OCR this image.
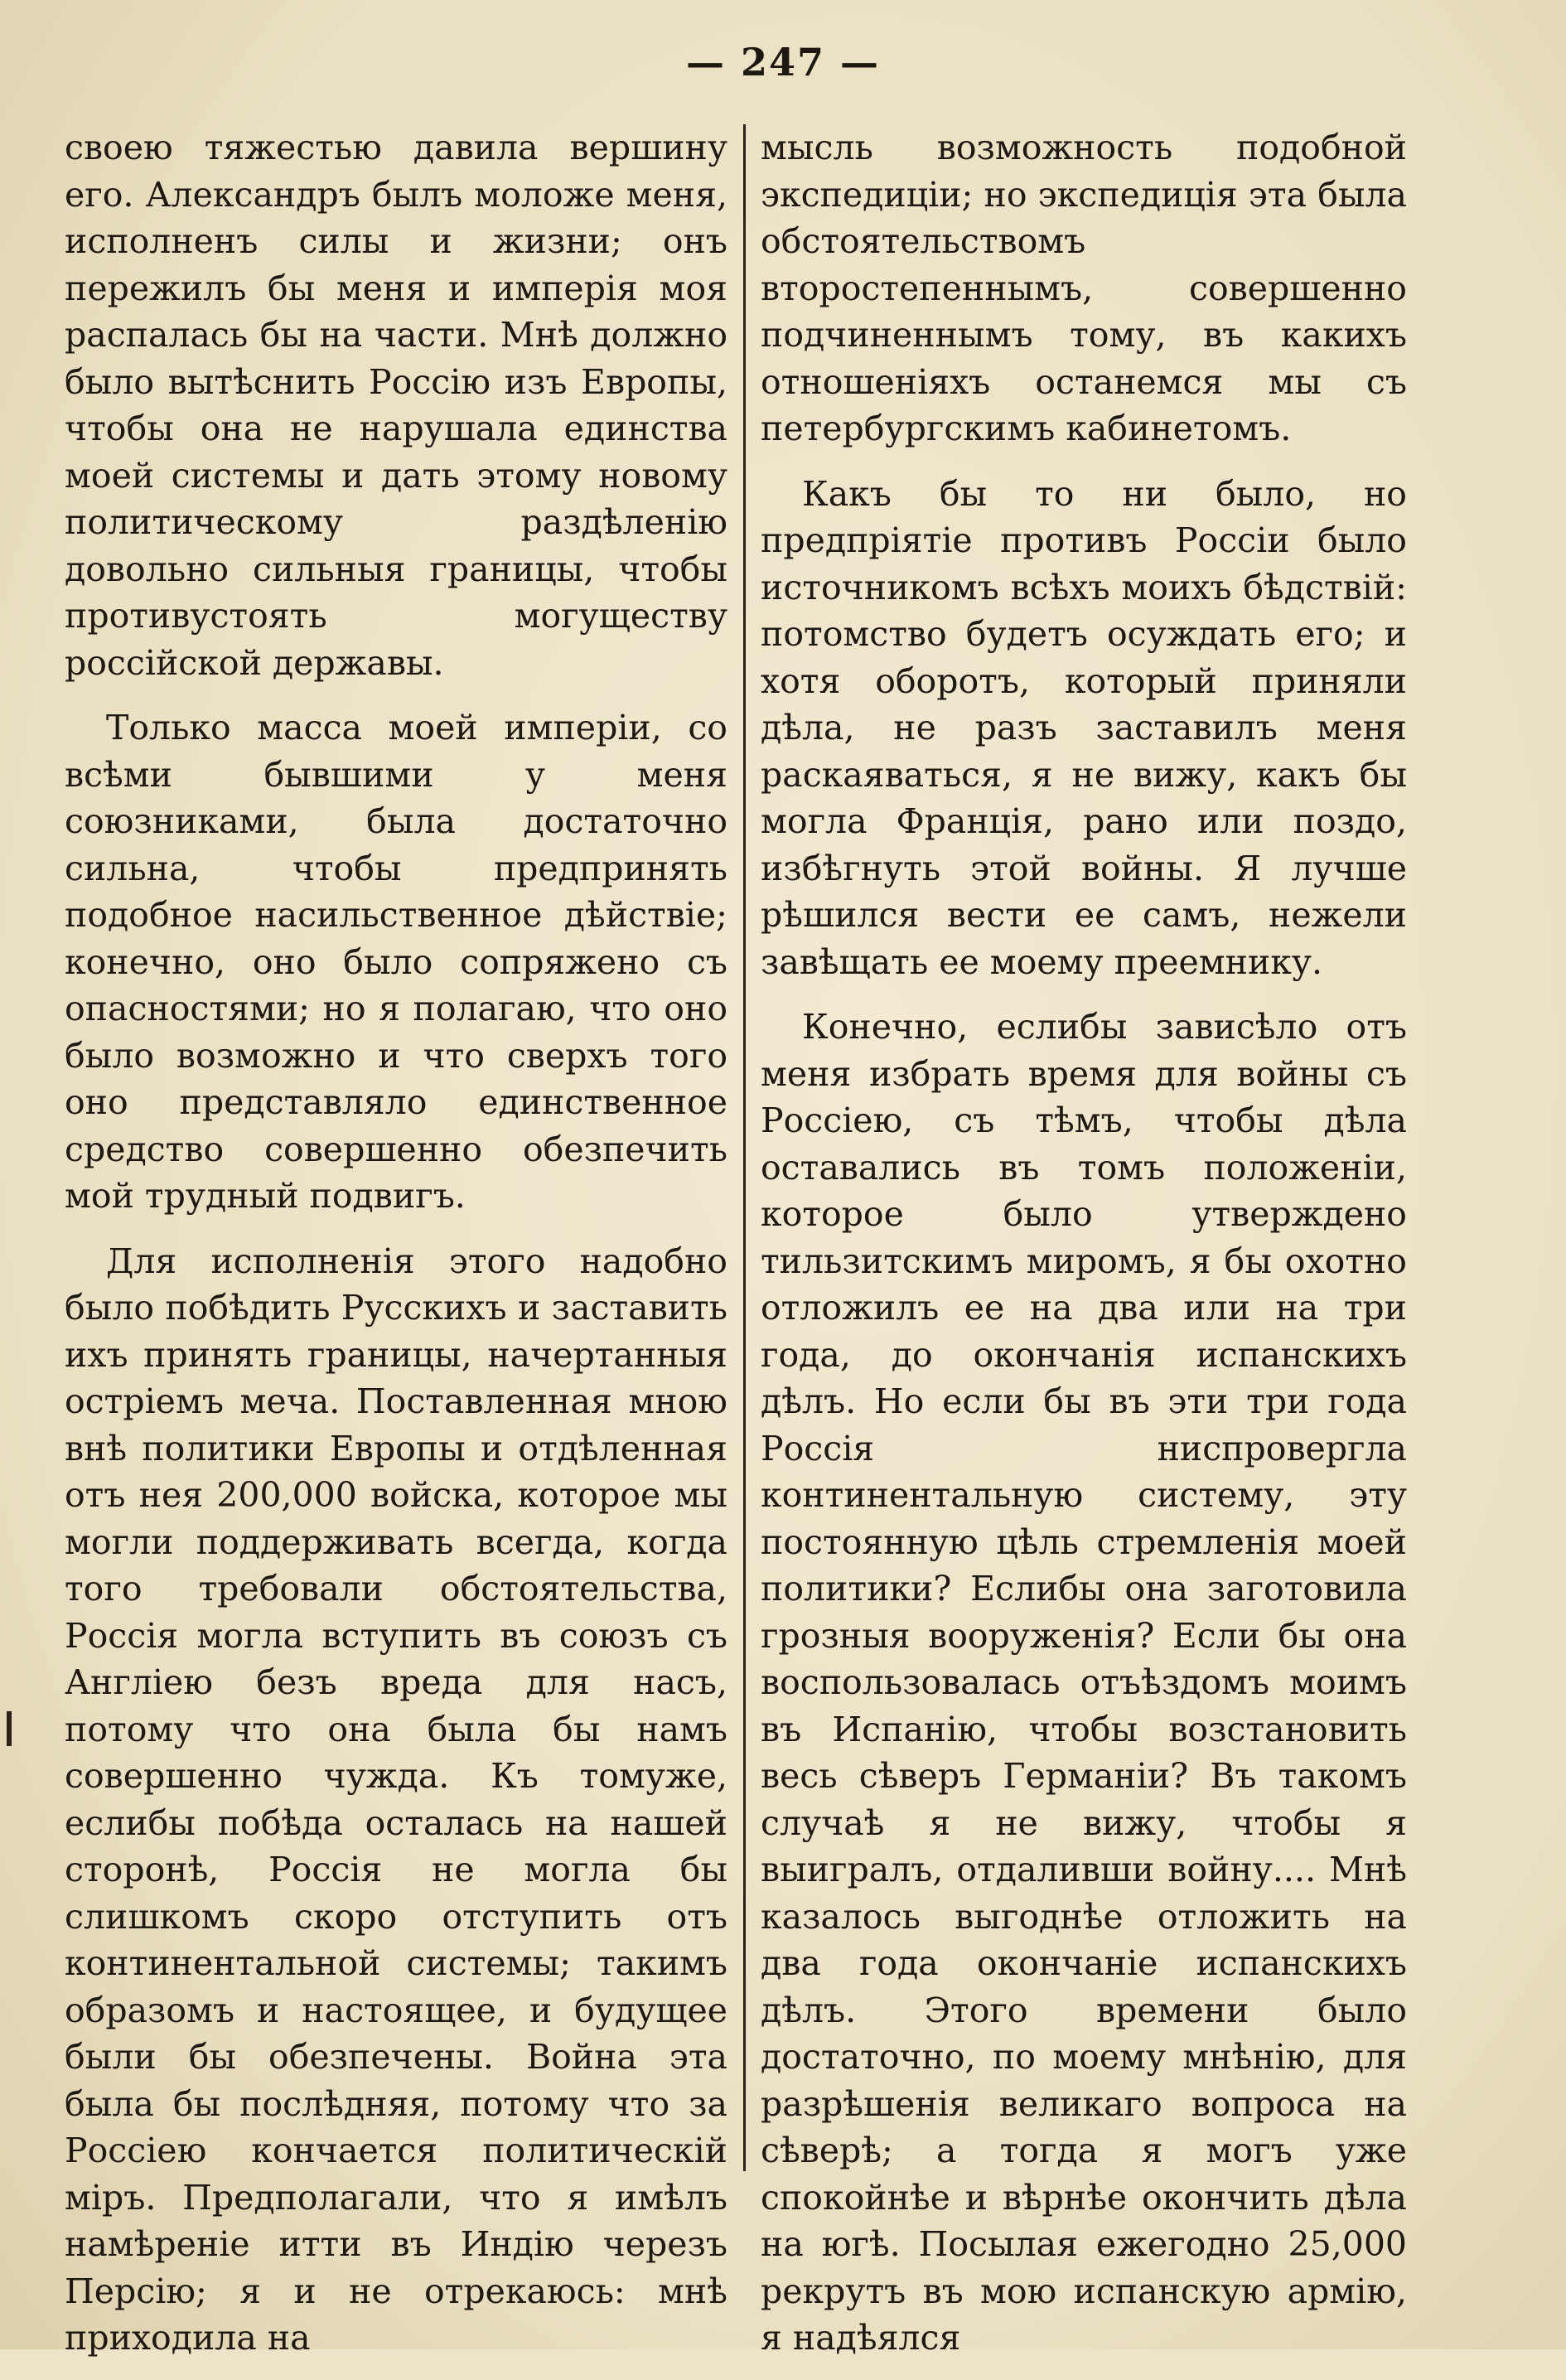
— 247 —

своею тяжестью давила вершину его. Александръ былъ моложе меня, исполненъ силы и жизни; онъ пережилъ бы меня и имперія моя распалась бы на части. Мнѣ должно было вытѣснить Россію изъ Европы, чтобы она не нарушала единства моей системы и дать этому новому политическому раздѣленію довольно сильныя границы, чтобы противустоять могуществу россійской державы.

Только масса моей имперіи, со всѣми бывшими у меня союзниками, была достаточно сильна, чтобы предпринять подобное насильственное дѣйствіе; конечно, оно было сопряжено съ опасностями; но я полагаю, что оно было возможно и что сверхъ того оно представляло единственное средство совершенно обезпечить мой трудный подвигъ.

Для исполненія этого надобно было побѣдить Русскихъ и заставить ихъ принять границы, начертанныя остріемъ меча. Поставленная мною внѣ политики Европы и отдѣленная отъ нея 200,000 войска, которое мы могли поддерживать всегда, когда того требовали обстоятельства, Россія могла вступить въ союзъ съ Англіею безъ вреда для насъ, потому что она была бы намъ совершенно чужда. Къ томуже, еслибы побѣда осталась на нашей сторонѣ, Россія не могла бы слишкомъ скоро отступить отъ континентальной системы; такимъ образомъ и настоящее, и будущее были бы обезпечены. Война эта была бы послѣдняя, потому что за Россіею кончается политическій міръ. Предполагали, что я имѣлъ намѣреніе итти въ Индію черезъ Персію; я и не отрекаюсь: мнѣ приходила на

мысль возможность подобной экспедиціи; но экспедиція эта была обстоятельствомъ второстепеннымъ, совершенно подчиненнымъ тому, въ какихъ отношеніяхъ останемся мы съ петербургскимъ кабинетомъ.

Какъ бы то ни было, но предпріятіе противъ Россіи было источникомъ всѣхъ моихъ бѣдствій: потомство будетъ осуждать его; и хотя оборотъ, который приняли дѣла, не разъ заставилъ меня раскаяваться, я не вижу, какъ бы могла Франція, рано или поздо, избѣгнуть этой войны. Я лучше рѣшился вести ее самъ, нежели завѣщать ее моему преемнику.

Конечно, еслибы зависѣло отъ меня избрать время для войны съ Россіею, съ тѣмъ, чтобы дѣла оставались въ томъ положеніи, которое было утверждено тильзитскимъ миромъ, я бы охотно отложилъ ее на два или на три года, до окончанія испанскихъ дѣлъ. Но если бы въ эти три года Россія ниспровергла континентальную систему, эту постоянную цѣль стремленія моей политики? Еслибы она заготовила грозныя вооруженія? Если бы она воспользовалась отъѣздомъ моимъ въ Испанію, чтобы возстановить весь сѣверъ Германіи? Въ такомъ случаѣ я не вижу, чтобы я выигралъ, отдаливши войну.... Мнѣ казалось выгоднѣе отложить на два года окончаніе испанскихъ дѣлъ. Этого времени было достаточно, по моему мнѣнію, для разрѣшенія великаго вопроса на сѣверѣ; а тогда я могъ уже спокойнѣе и вѣрнѣе окончить дѣла на югѣ. Посылая ежегодно 25,000 рекрутъ въ мою испанскую армію, я надѣялся
